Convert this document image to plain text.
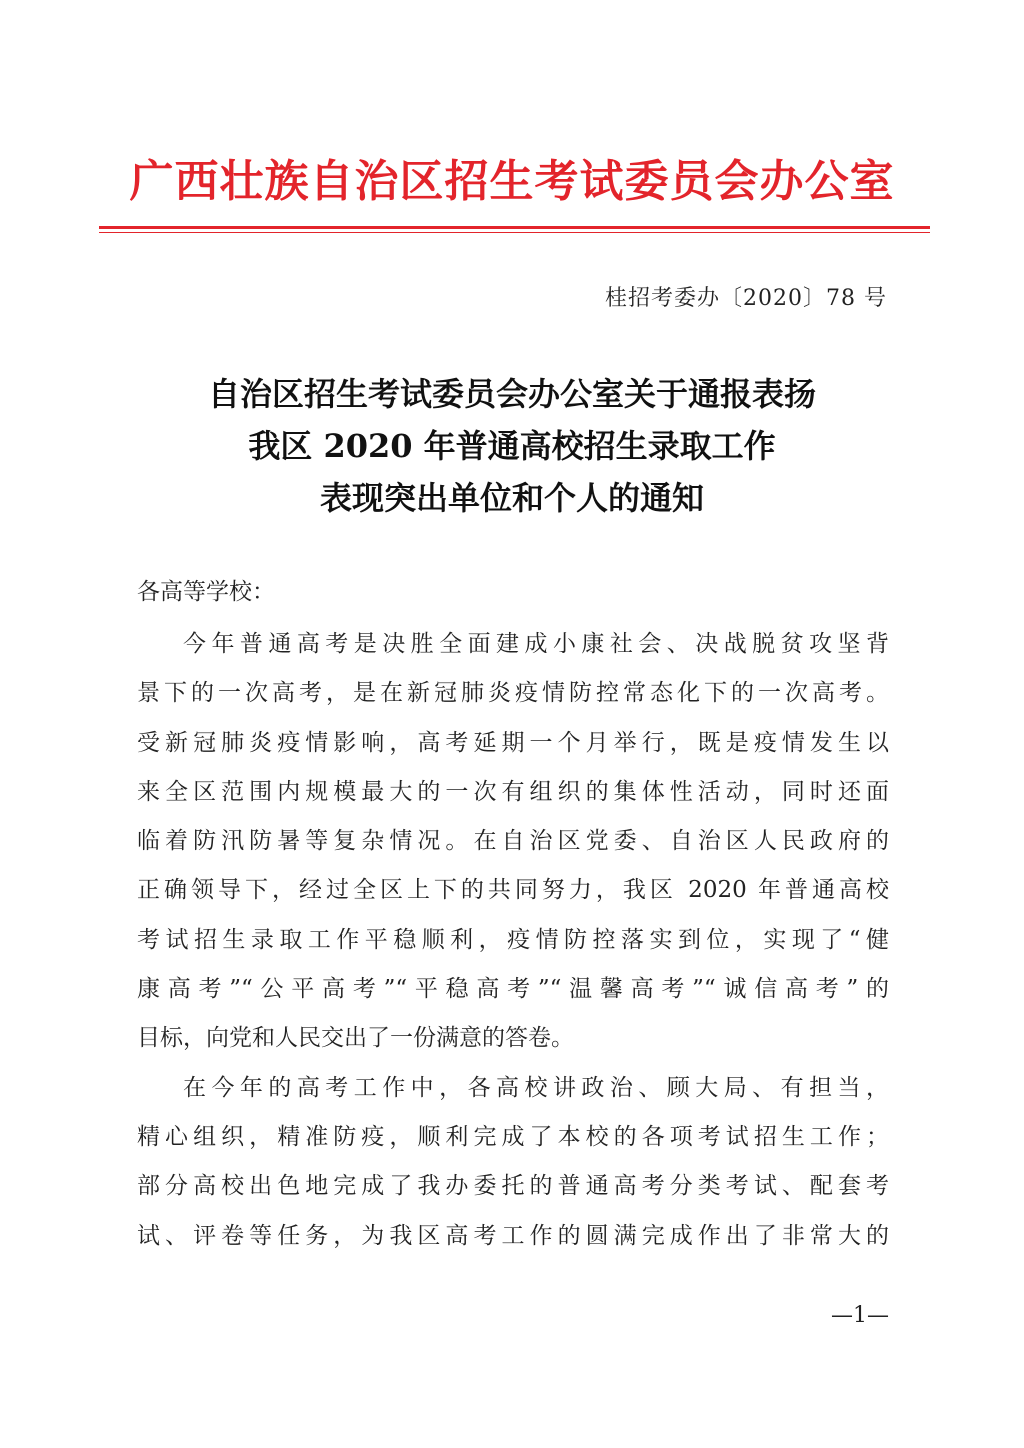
广西壮族自治区招生考试委员会办公室
桂招考委办〔2020〕78 号
自治区招生考试委员会办公室关于通报表扬
我区 2020 年普通高校招生录取工作
表现突出单位和个人的通知
各高等学校：
今年普通高考是决胜全面建成小康社会、决战脱贫攻坚背
景下的一次高考，是在新冠肺炎疫情防控常态化下的一次高考。
受新冠肺炎疫情影响，高考延期一个月举行，既是疫情发生以
来全区范围内规模最大的一次有组织的集体性活动，同时还面
临着防汛防暑等复杂情况。在自治区党委、自治区人民政府的
正确领导下，经过全区上下的共同努力，我区 2020 年普通高校
考试招生录取工作平稳顺利，疫情防控落实到位，实现了“健
康高考”“公平高考”“平稳高考”“温馨高考”“诚信高考”的
目标，向党和人民交出了一份满意的答卷。
在今年的高考工作中，各高校讲政治、顾大局、有担当，
精心组织，精准防疫，顺利完成了本校的各项考试招生工作；
部分高校出色地完成了我办委托的普通高考分类考试、配套考
试、评卷等任务，为我区高考工作的圆满完成作出了非常大的
—1—
